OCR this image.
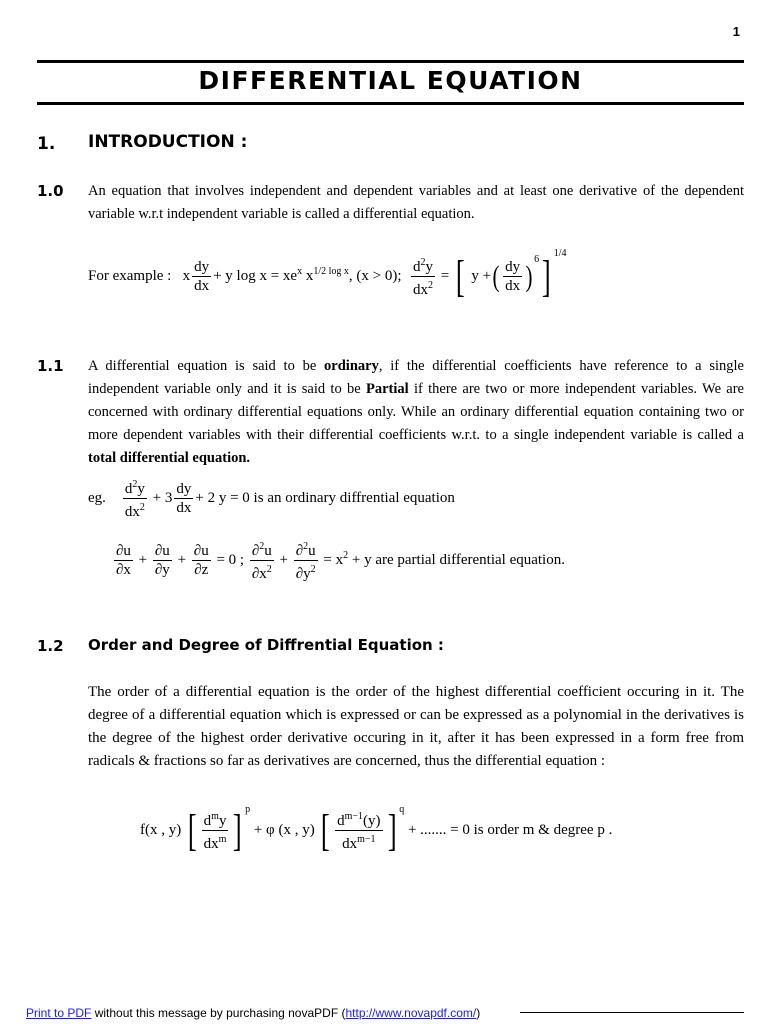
1
DIFFERENTIAL EQUATION
1. INTRODUCTION :
1.0 An equation that involves independent and dependent variables and at least one derivative of the dependent variable w.r.t independent variable is called a differential equation.
For example :   x $\frac{dy}{dx} + y$ $\log x = xe^x$ $x^{1/2 log x}$, (x > 0); $\frac{d^2y}{dx^2}$ = [ y +( $\frac{dy}{dx} )^6$] $^{1/4}$
1.1 A differential equation is said to be ordinary, if the differential coefficients have reference to a single independent variable only and it is said to be Partial if there are two or more independent variables. We are concerned with ordinary differential equations only. While an ordinary differential equation containing two or more dependent variables with their differential coefficients w.r.t. to a single independent variable is called a total differential equation.
eg. $\frac{d^2y}{dx^2} + 3 \frac{dy}{dx} + 2$ y = 0 is an ordinary diffrential equation
$\frac{\partial u}{\partial x} + \frac{\partial u}{\partial y} + \frac{\partial u}{\partial z} = 0$ ; $\frac{\partial^2u}{\partial x^2} + \frac{\partial^2u}{\partial y^2} = x^2 + y$ are partial differential equation.
1.2 Order and Degree of Diffrential Equation :
The order of a differential equation is the order of the highest differential coefficient occuring in it. The degree of a differential equation which is expressed or can be expressed as a polynomial in the derivatives is the degree of the highest order derivative occuring in it, after it has been expressed in a form free from radicals & fractions so far as derivatives are concerned, thus the differential equation :
f(x , y) [ $\frac{d^my}{dx^m}$ ] $^p$ + φ (x , y) [ $\frac{d^{m-1}(y)}{dx^{m-1}}$ ] $^q$ + ....... = 0 is order m & degree p .
Print to PDF without this message by purchasing novaPDF (http://www.novapdf.com/)
